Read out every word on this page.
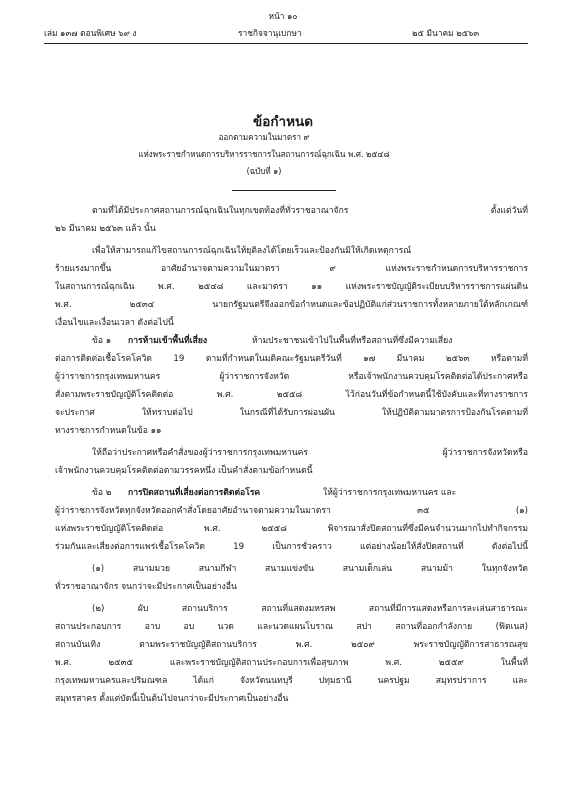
หน้า ๑๐
เล่ม ๑๓๗ ตอนพิเศษ ๖๙ ง	ราชกิจจานุเบกษา	๒๕ มีนาคม ๒๕๖๓
ข้อกำหนด
ออกตามความในมาตรา ๙
แห่งพระราชกำหนดการบริหารราชการในสถานการณ์ฉุกเฉิน พ.ศ. ๒๕๔๘
(ฉบับที่ ๑)
ตามที่ได้มีประกาศสถานการณ์ฉุกเฉินในทุกเขตท้องที่ทั่วราชอาณาจักร ตั้งแต่วันที่
๒๖ มีนาคม ๒๕๖๓ แล้ว นั้น
เพื่อให้สามารถแก้ไขสถานการณ์ฉุกเฉินให้ยุติลงได้โดยเร็วและป้องกันมิให้เกิดเหตุการณ์
ร้ายแรงมากขึ้น อาศัยอำนาจตามความในมาตรา ๙ แห่งพระราชกำหนดการบริหารราชการ
ในสถานการณ์ฉุกเฉิน พ.ศ. ๒๕๔๘ และมาตรา ๑๑ แห่งพระราชบัญญัติระเบียบบริหารราชการแผ่นดิน
พ.ศ. ๒๕๓๔ นายกรัฐมนตรีจึงออกข้อกำหนดและข้อปฏิบัติแก่ส่วนราชการทั้งหลายภายใต้หลักเกณฑ์
เงื่อนไขและเงื่อนเวลา ดังต่อไปนี้
ข้อ ๑ การห้ามเข้าพื้นที่เสี่ยง	ห้ามประชาชนเข้าไปในพื้นที่หรือสถานที่ซึ่งมีความเสี่ยง
ต่อการติดต่อเชื้อโรคโควิด 19 ตามที่กำหนดในมติคณะรัฐมนตรีวันที่ ๑๗ มีนาคม ๒๕๖๓ หรือตามที่
ผู้ว่าราชการกรุงเทพมหานคร ผู้ว่าราชการจังหวัด หรือเจ้าพนักงานควบคุมโรคติดต่อได้ประกาศหรือ
สั่งตามพระราชบัญญัติโรคติดต่อ พ.ศ. ๒๕๕๘ ไว้ก่อนวันที่ข้อกำหนดนี้ใช้บังคับและที่ทางราชการ
จะประกาศ ให้ทราบต่อไป ในกรณีที่ได้รับการผ่อนผัน ให้ปฏิบัติตามมาตรการป้องกันโรคตามที่
ทางราชการกำหนดในข้อ ๑๑
ให้ถือว่าประกาศหรือคำสั่งของผู้ว่าราชการกรุงเทพมหานคร ผู้ว่าราชการจังหวัดหรือ
เจ้าพนักงานควบคุมโรคติดต่อตามวรรคหนึ่ง เป็นคำสั่งตามข้อกำหนดนี้
ข้อ ๒ การปิดสถานที่เสี่ยงต่อการติดต่อโรค	ให้ผู้ว่าราชการกรุงเทพมหานคร และ
ผู้ว่าราชการจังหวัดทุกจังหวัดออกคำสั่งโดยอาศัยอำนาจตามความในมาตรา ๓๕ (๑)
แห่งพระราชบัญญัติโรคติดต่อ พ.ศ. ๒๕๕๘ พิจารณาสั่งปิดสถานที่ซึ่งมีคนจำนวนมากไปทำกิจกรรม
ร่วมกันและเสี่ยงต่อการแพร่เชื้อโรคโควิด 19 เป็นการชั่วคราว แต่อย่างน้อยให้สั่งปิดสถานที่ ดังต่อไปนี้
(๑) สนามมวย สนามกีฬา สนามแข่งขัน สนามเด็กเล่น สนามม้า ในทุกจังหวัด
ทั่วราชอาณาจักร จนกว่าจะมีประกาศเป็นอย่างอื่น
(๒) ผับ สถานบริการ สถานที่แสดงมหรสพ สถานที่มีการแสดงหรือการละเล่นสาธารณะ
สถานประกอบการ อาบ อบ นวด และนวดแผนโบราณ สปา สถานที่ออกกำลังกาย (ฟิตเนส)
สถานบันเทิง ตามพระราชบัญญัติสถานบริการ พ.ศ. ๒๕๐๙ พระราชบัญญัติการสาธารณสุข
พ.ศ. ๒๕๓๕ และพระราชบัญญัติสถานประกอบการเพื่อสุขภาพ พ.ศ. ๒๕๕๙ ในพื้นที่
กรุงเทพมหานครและปริมณฑล ได้แก่ จังหวัดนนทบุรี ปทุมธานี นครปฐม สมุทรปราการ และ
สมุทรสาคร ตั้งแต่บัดนี้เป็นต้นไปจนกว่าจะมีประกาศเป็นอย่างอื่น
